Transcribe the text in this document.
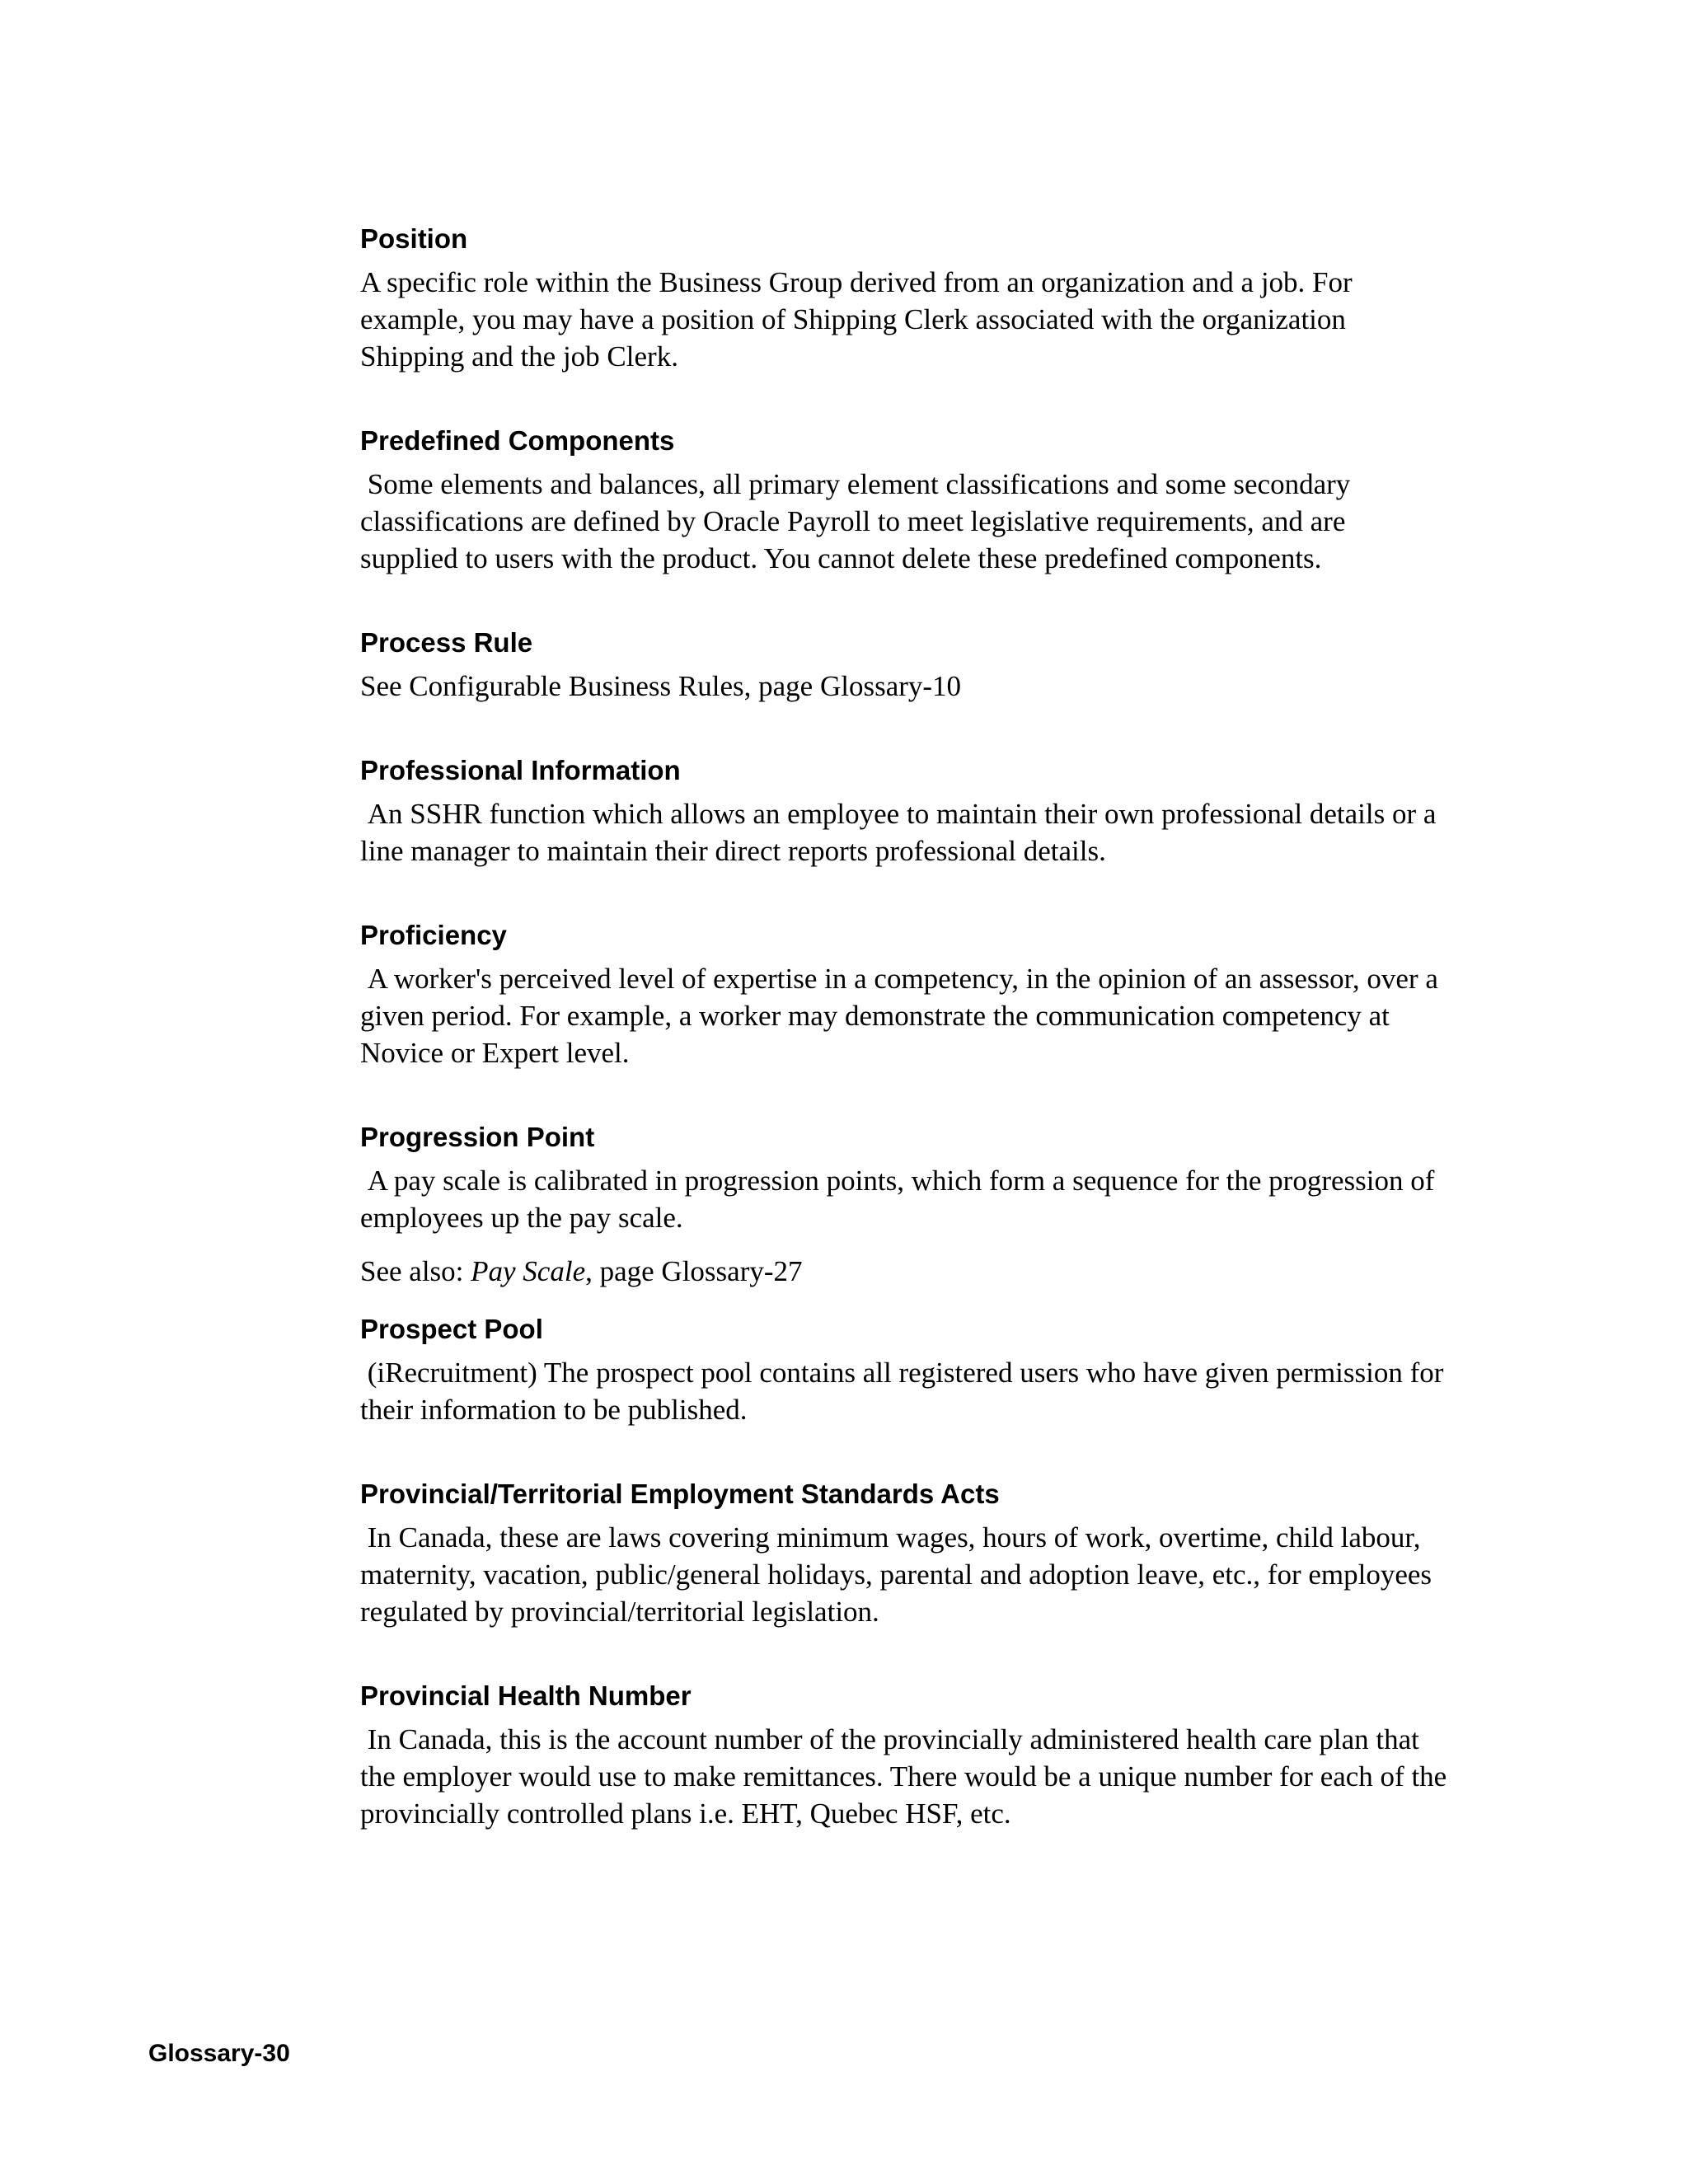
Position

A specific role within the Business Group derived from an organization and a job. For example, you may have a position of Shipping Clerk associated with the organization Shipping and the job Clerk.

Predefined Components

Some elements and balances, all primary element classifications and some secondary classifications are defined by Oracle Payroll to meet legislative requirements, and are supplied to users with the product. You cannot delete these predefined components.

Process Rule

See Configurable Business Rules, page Glossary-10

Professional Information

An SSHR function which allows an employee to maintain their own professional details or a line manager to maintain their direct reports professional details.

Proficiency

A worker's perceived level of expertise in a competency, in the opinion of an assessor, over a given period. For example, a worker may demonstrate the communication competency at Novice or Expert level.

Progression Point

A pay scale is calibrated in progression points, which form a sequence for the progression of employees up the pay scale.

See also: Pay Scale, page Glossary-27

Prospect Pool

(iRecruitment) The prospect pool contains all registered users who have given permission for their information to be published.

Provincial/Territorial Employment Standards Acts

In Canada, these are laws covering minimum wages, hours of work, overtime, child labour, maternity, vacation, public/general holidays, parental and adoption leave, etc., for employees regulated by provincial/territorial legislation.

Provincial Health Number

In Canada, this is the account number of the provincially administered health care plan that the employer would use to make remittances. There would be a unique number for each of the provincially controlled plans i.e. EHT, Quebec HSF, etc.

Glossary-30
